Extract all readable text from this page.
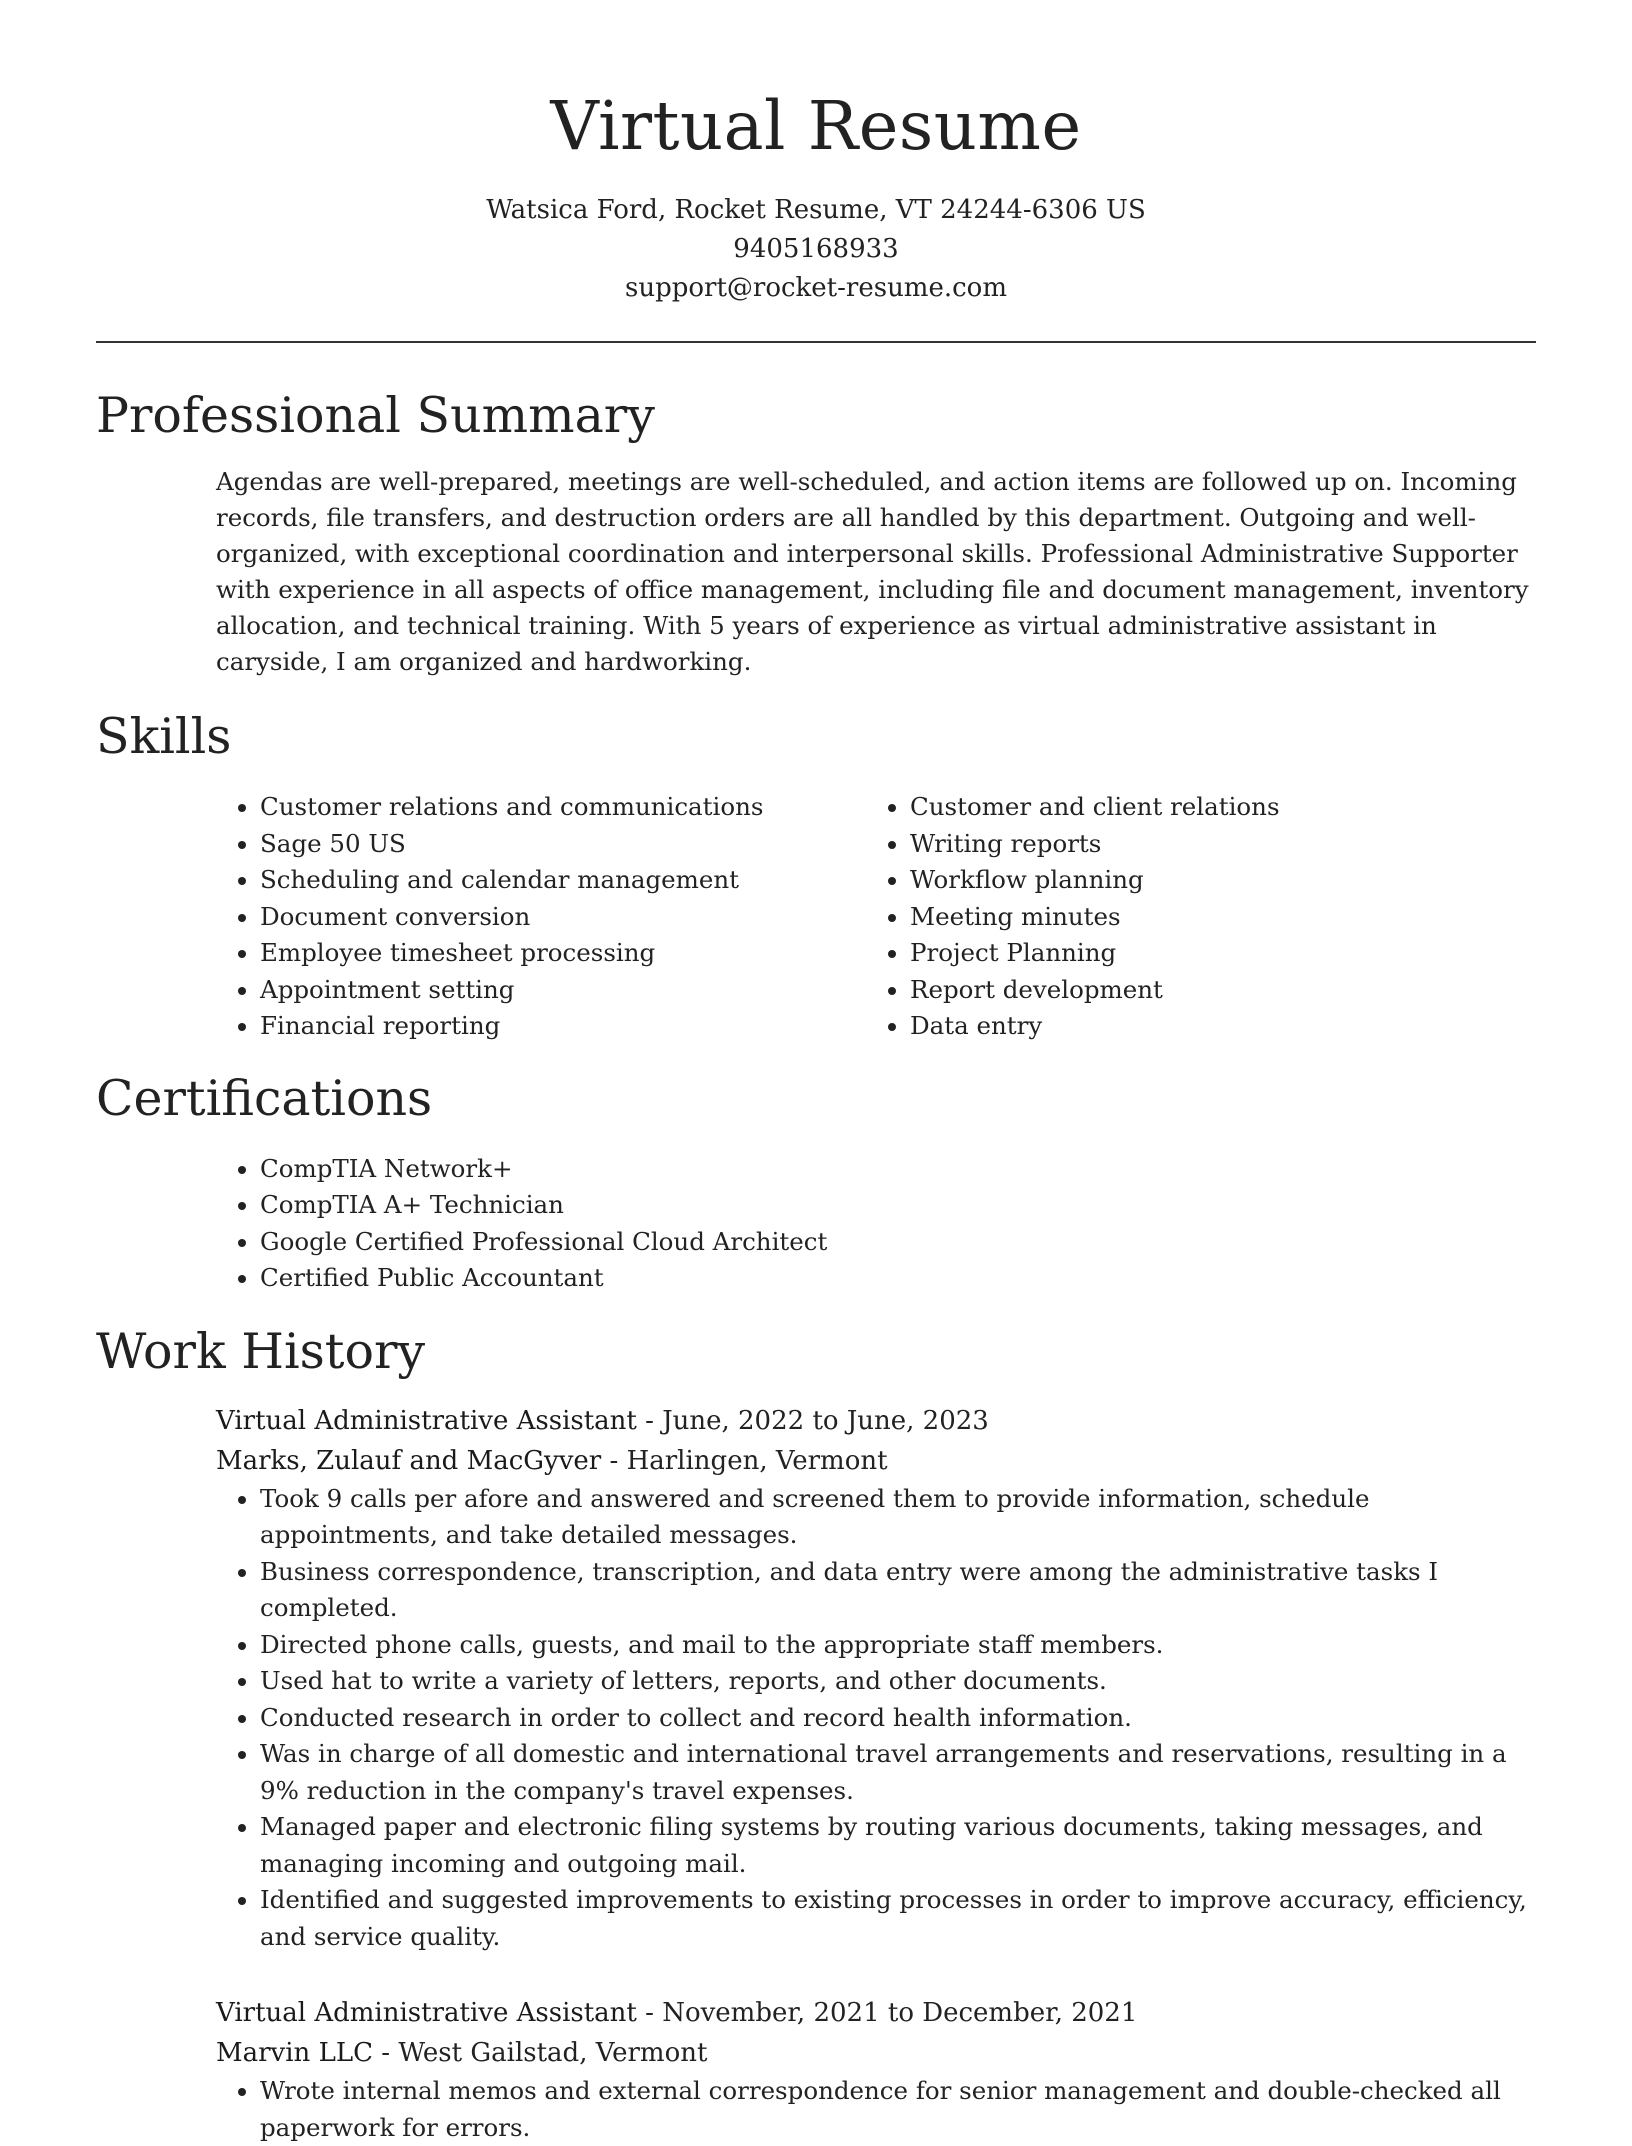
Virtual Resume
Watsica Ford, Rocket Resume, VT 24244-6306 US
9405168933
support@rocket-resume.com
Professional Summary

Agendas are well-prepared, meetings are well-scheduled, and action items are followed up on. Incoming records, file transfers, and destruction orders are all handled by this department. Outgoing and well-organized, with exceptional coordination and interpersonal skills. Professional Administrative Supporter with experience in all aspects of office management, including file and document management, inventory allocation, and technical training. With 5 years of experience as virtual administrative assistant in caryside, I am organized and hardworking.

Skills
• Customer relations and communications
• Sage 50 US
• Scheduling and calendar management
• Document conversion
• Employee timesheet processing
• Appointment setting
• Financial reporting
• Customer and client relations
• Writing reports
• Workflow planning
• Meeting minutes
• Project Planning
• Report development
• Data entry
Certifications
• CompTIA Network+
• CompTIA A+ Technician
• Google Certified Professional Cloud Architect
• Certified Public Accountant
Work History
Virtual Administrative Assistant - June, 2022 to June, 2023
Marks, Zulauf and MacGyver - Harlingen, Vermont
• Took 9 calls per afore and answered and screened them to provide information, schedule appointments, and take detailed messages.
• Business correspondence, transcription, and data entry were among the administrative tasks I completed.
• Directed phone calls, guests, and mail to the appropriate staff members.
• Used hat to write a variety of letters, reports, and other documents.
• Conducted research in order to collect and record health information.
• Was in charge of all domestic and international travel arrangements and reservations, resulting in a 9% reduction in the company's travel expenses.
• Managed paper and electronic filing systems by routing various documents, taking messages, and managing incoming and outgoing mail.
• Identified and suggested improvements to existing processes in order to improve accuracy, efficiency, and service quality.
Virtual Administrative Assistant - November, 2021 to December, 2021
Marvin LLC - West Gailstad, Vermont
• Wrote internal memos and external correspondence for senior management and double-checked all paperwork for errors.
